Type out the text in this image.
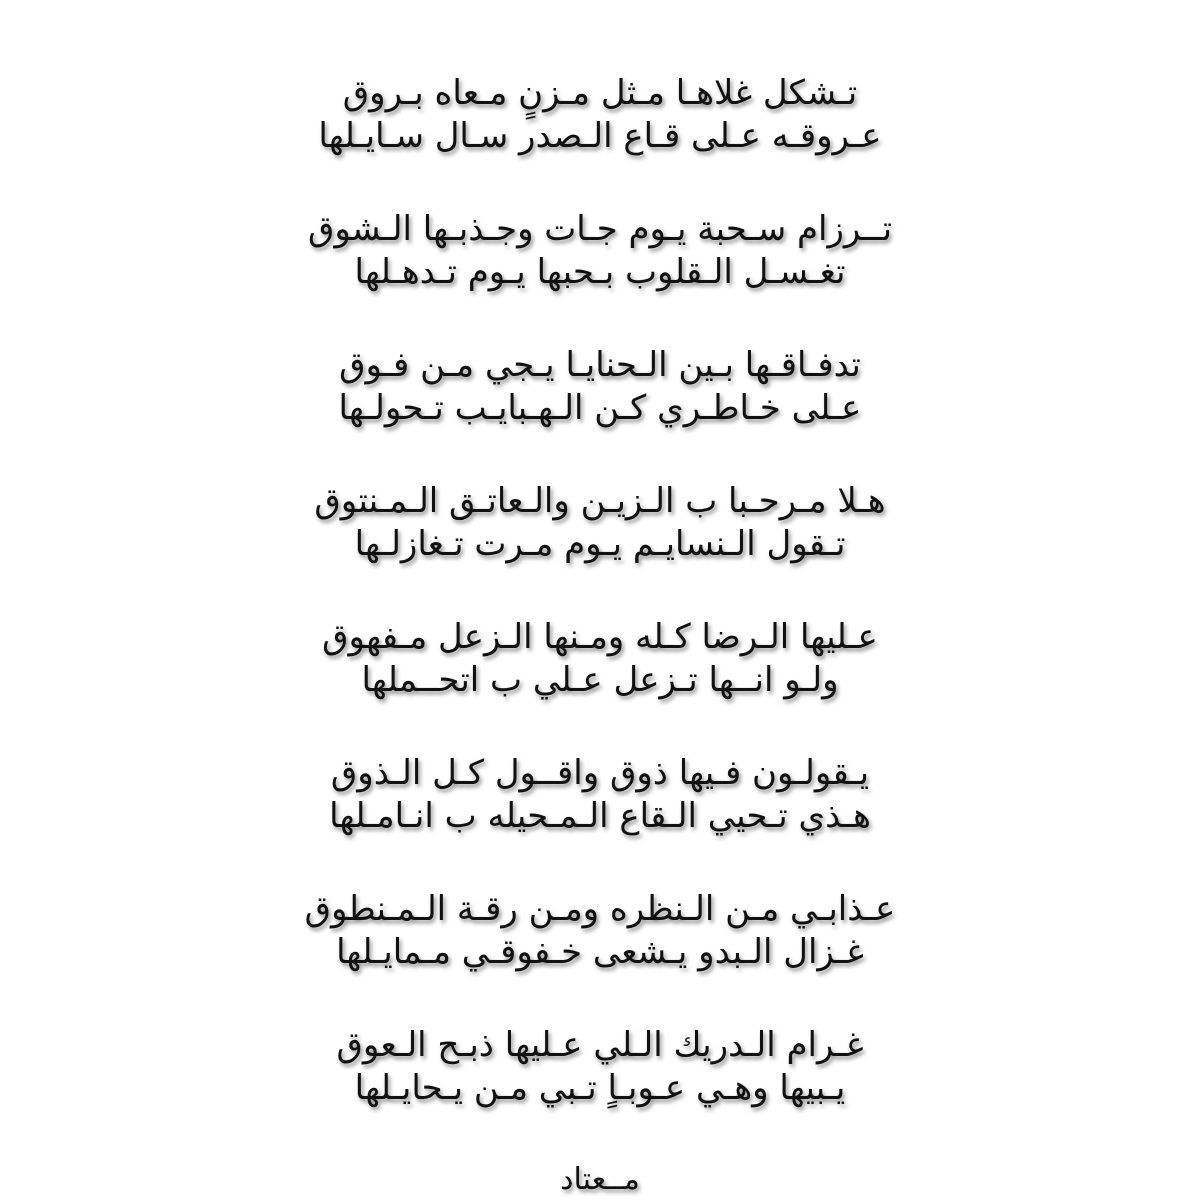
تـشكل غلاهـا مـثل مـزنٍ مـعاه بـروق
عـروقـه عـلى قـاع الـصدر سـال سـايـلها
تــرزام سـحبة يـوم جـات وجـذبـها الـشوق
تغـسـل الـقلوب بـحبها يـوم تـدهـلها
تدفـاقـها بـين الـحنايـا يـجي مـن فـوق
عـلى خـاطـري كـن الـهـبايـب تـحولـها
هـلا مـرحـبا ب الـزيـن والـعاتـق الـمـنتوق
تـقول الـنسايـم يـوم مـرت تـغازلـها
عـليها الـرضا كـله ومـنها الـزعل مـفهوق
ولـو انــها تـزعل عـلي ب اتحــملها
يـقولـون فـيها ذوق واقــول كـل الـذوق
هـذي تـحيي الـقاع الـمـحيله ب انـامـلها
عـذابـي مـن الـنظره ومـن رقـة الـمـنطوق
غـزال الـبدو يـشعى خـفوقـي مـمايـلها
غـرام الـدريك الـلي عـليها ذبـح الـعوق
يـبيها وهـي عـوبـاٍ تـبي مـن يـحايـلها
مــعتاد
